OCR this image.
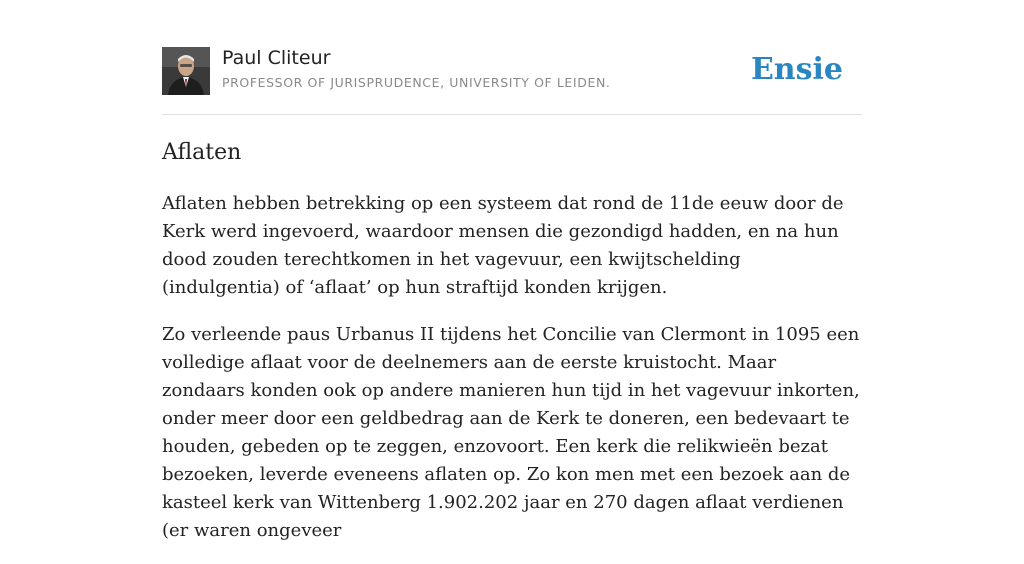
Paul Cliteur
PROFESSOR OF JURISPRUDENCE, UNIVERSITY OF LEIDEN.	Ensie
Aflaten

Aflaten hebben betrekking op een systeem dat rond de 11de eeuw door de Kerk werd ingevoerd, waardoor mensen die gezondigd hadden, en na hun dood zouden terechtkomen in het vagevuur, een kwijtschelding (indulgentia) of ‘aflaat’ op hun straftijd konden krijgen.

Zo verleende paus Urbanus II tijdens het Concilie van Clermont in 1095 een volledige aflaat voor de deelnemers aan de eerste kruistocht. Maar zondaars konden ook op andere manieren hun tijd in het vagevuur inkorten, onder meer door een geldbedrag aan de Kerk te doneren, een bedevaart te houden, gebeden op te zeggen, enzovoort. Een kerk die relikwieën bezat bezoeken, leverde eveneens aflaten op. Zo kon men met een bezoek aan de kasteel kerk van Wittenberg 1.902.202 jaar en 270 dagen aflaat verdienen (er waren ongeveer
